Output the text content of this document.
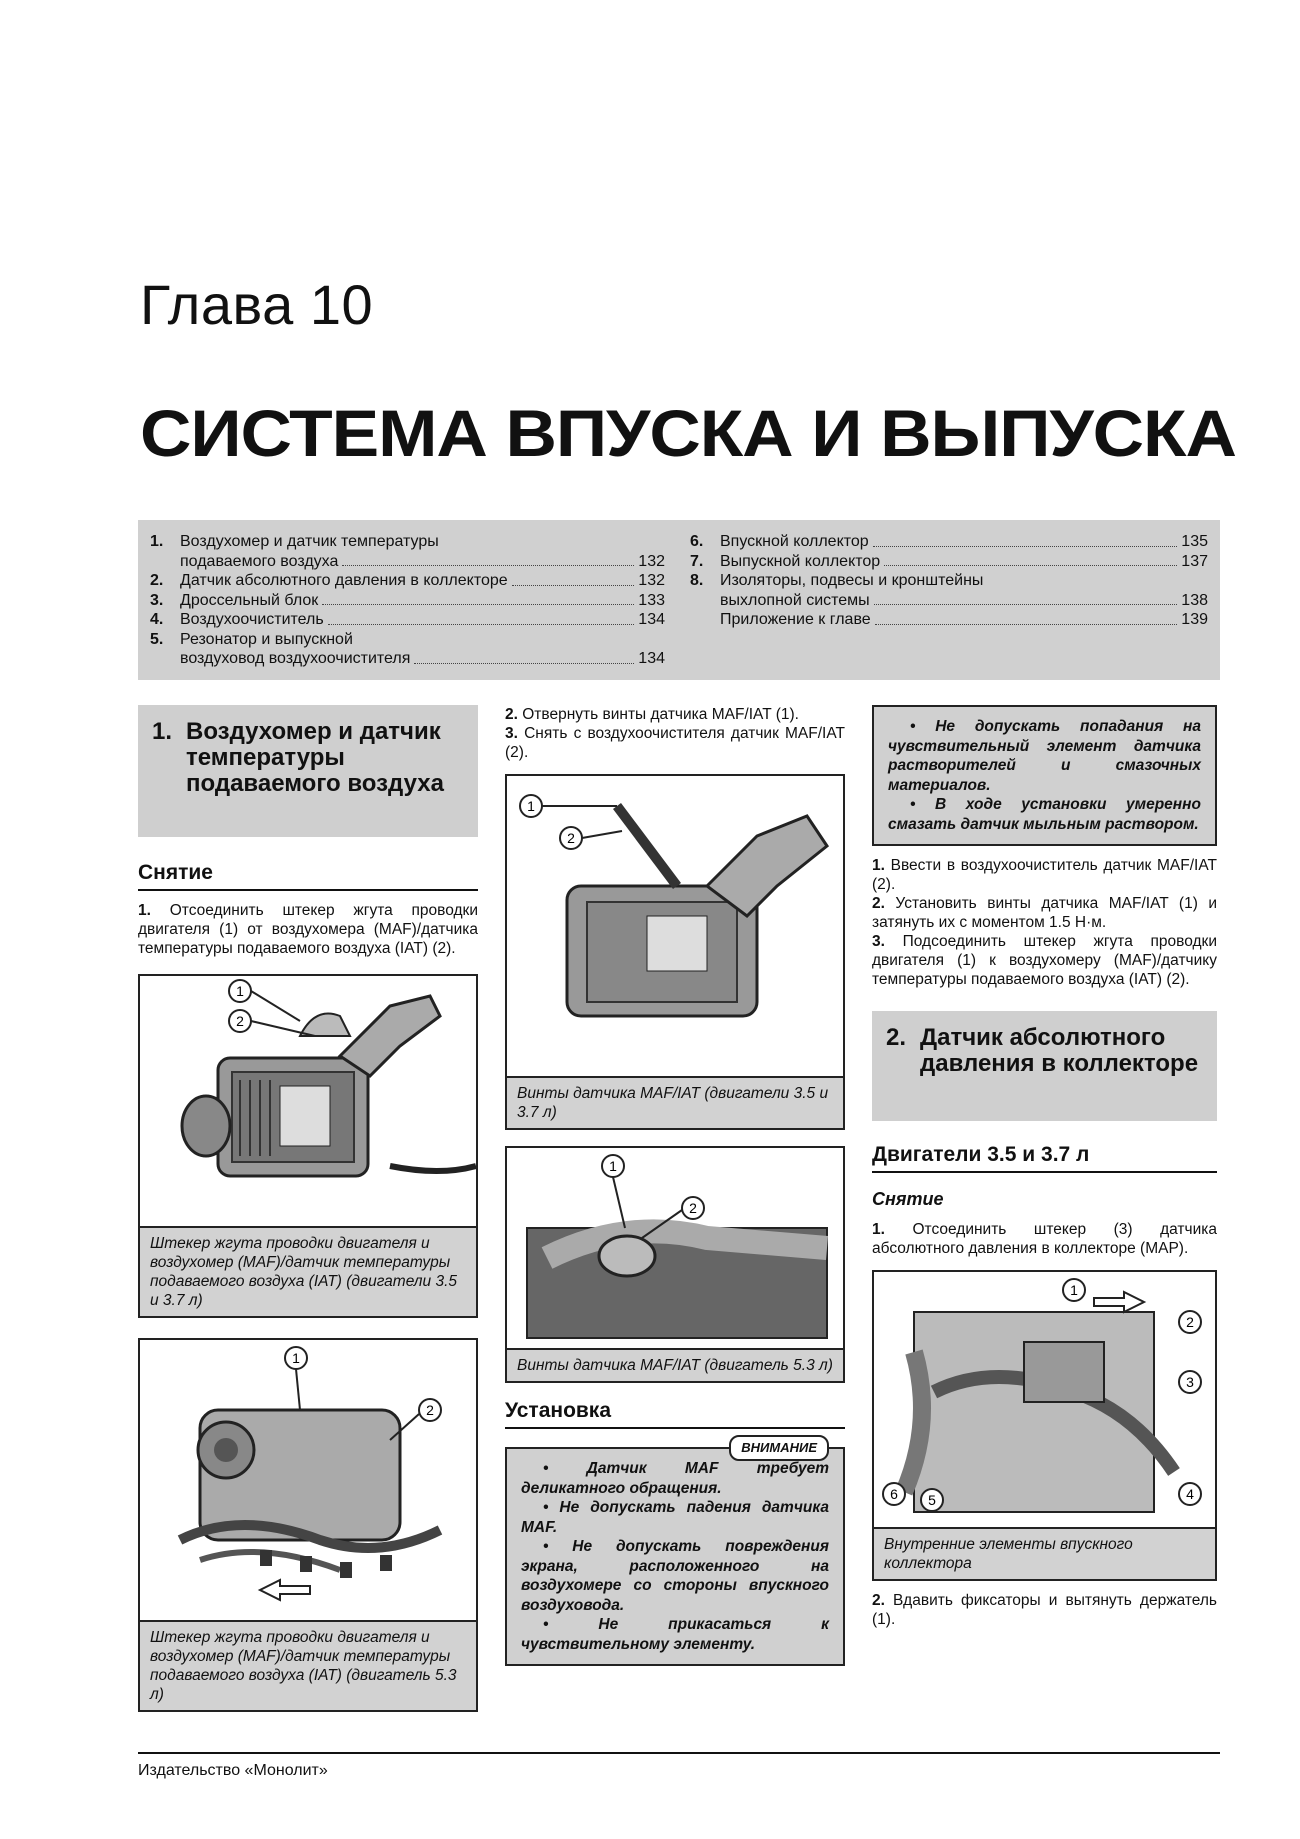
Глава 10
СИСТЕМА ВПУСКА И ВЫПУСКА
1.	Воздухомер и датчик температуры

подаваемого воздуха	132
2.	Датчик абсолютного давления в коллекторе	132
3.	Дроссельный блок	133
4.	Воздухоочиститель	134
5.	Резонатор и выпускной

воздуховод воздухоочистителя	134
6.	Впускной коллектор	135
7.	Выпускной коллектор	137
8.	Изоляторы, подвесы и кронштейны

выхлопной системы	138
Приложение к главе	139
1. Воздухомер и датчик температуры подаваемого воздуха
Снятие
1. Отсоединить штекер жгута проводки двигателя (1) от воздухомера (MAF)/датчика температуры подаваемого воздуха (IAT) (2).
1
2
Штекер жгута проводки двигателя и воздухомер (MAF)/датчик температуры подаваемого воздуха (IAT) (двигатели 3.5 и 3.7 л)
1
2
Штекер жгута проводки двигателя и воздухомер (MAF)/датчик температуры подаваемого воздуха (IAT) (двигатель 5.3 л)
2. Отвернуть винты датчика MAF/IAT (1).
3. Снять с воздухоочистителя датчик MAF/IAT (2).
1
2
Винты датчика MAF/IAT (двигатели 3.5 и 3.7 л)
1
2
Винты датчика MAF/IAT (двигатель 5.3 л)
Установка
ВНИМАНИЕ

• Датчик MAF требует деликатного обращения.

• Не допускать падения датчика MAF.

• Не допускать повреждения экрана, расположенного на воздухомере со стороны впускного воздуховода.

• Не прикасаться к чувствительному элементу.

• Не допускать попадания на чувствительный элемент датчика растворителей и смазочных материалов.

• В ходе установки умеренно смазать датчик мыльным раствором.

1. Ввести в воздухоочиститель датчик MAF/IAT (2).
2. Установить винты датчика MAF/IAT (1) и затянуть их с моментом 1.5 Н·м.
3. Подсоединить штекер жгута проводки двигателя (1) к воздухомеру (MAF)/датчику температуры подаваемого воздуха (IAT) (2).
2. Датчик абсолютного давления в коллекторе
Двигатели 3.5 и 3.7 л
Снятие
1. Отсоединить штекер (3) датчика абсолютного давления в коллекторе (MAP).
1
2
3
4
5
6
Внутренние элементы впускного коллектора
2. Вдавить фиксаторы и вытянуть держатель (1).
Издательство «Монолит»
